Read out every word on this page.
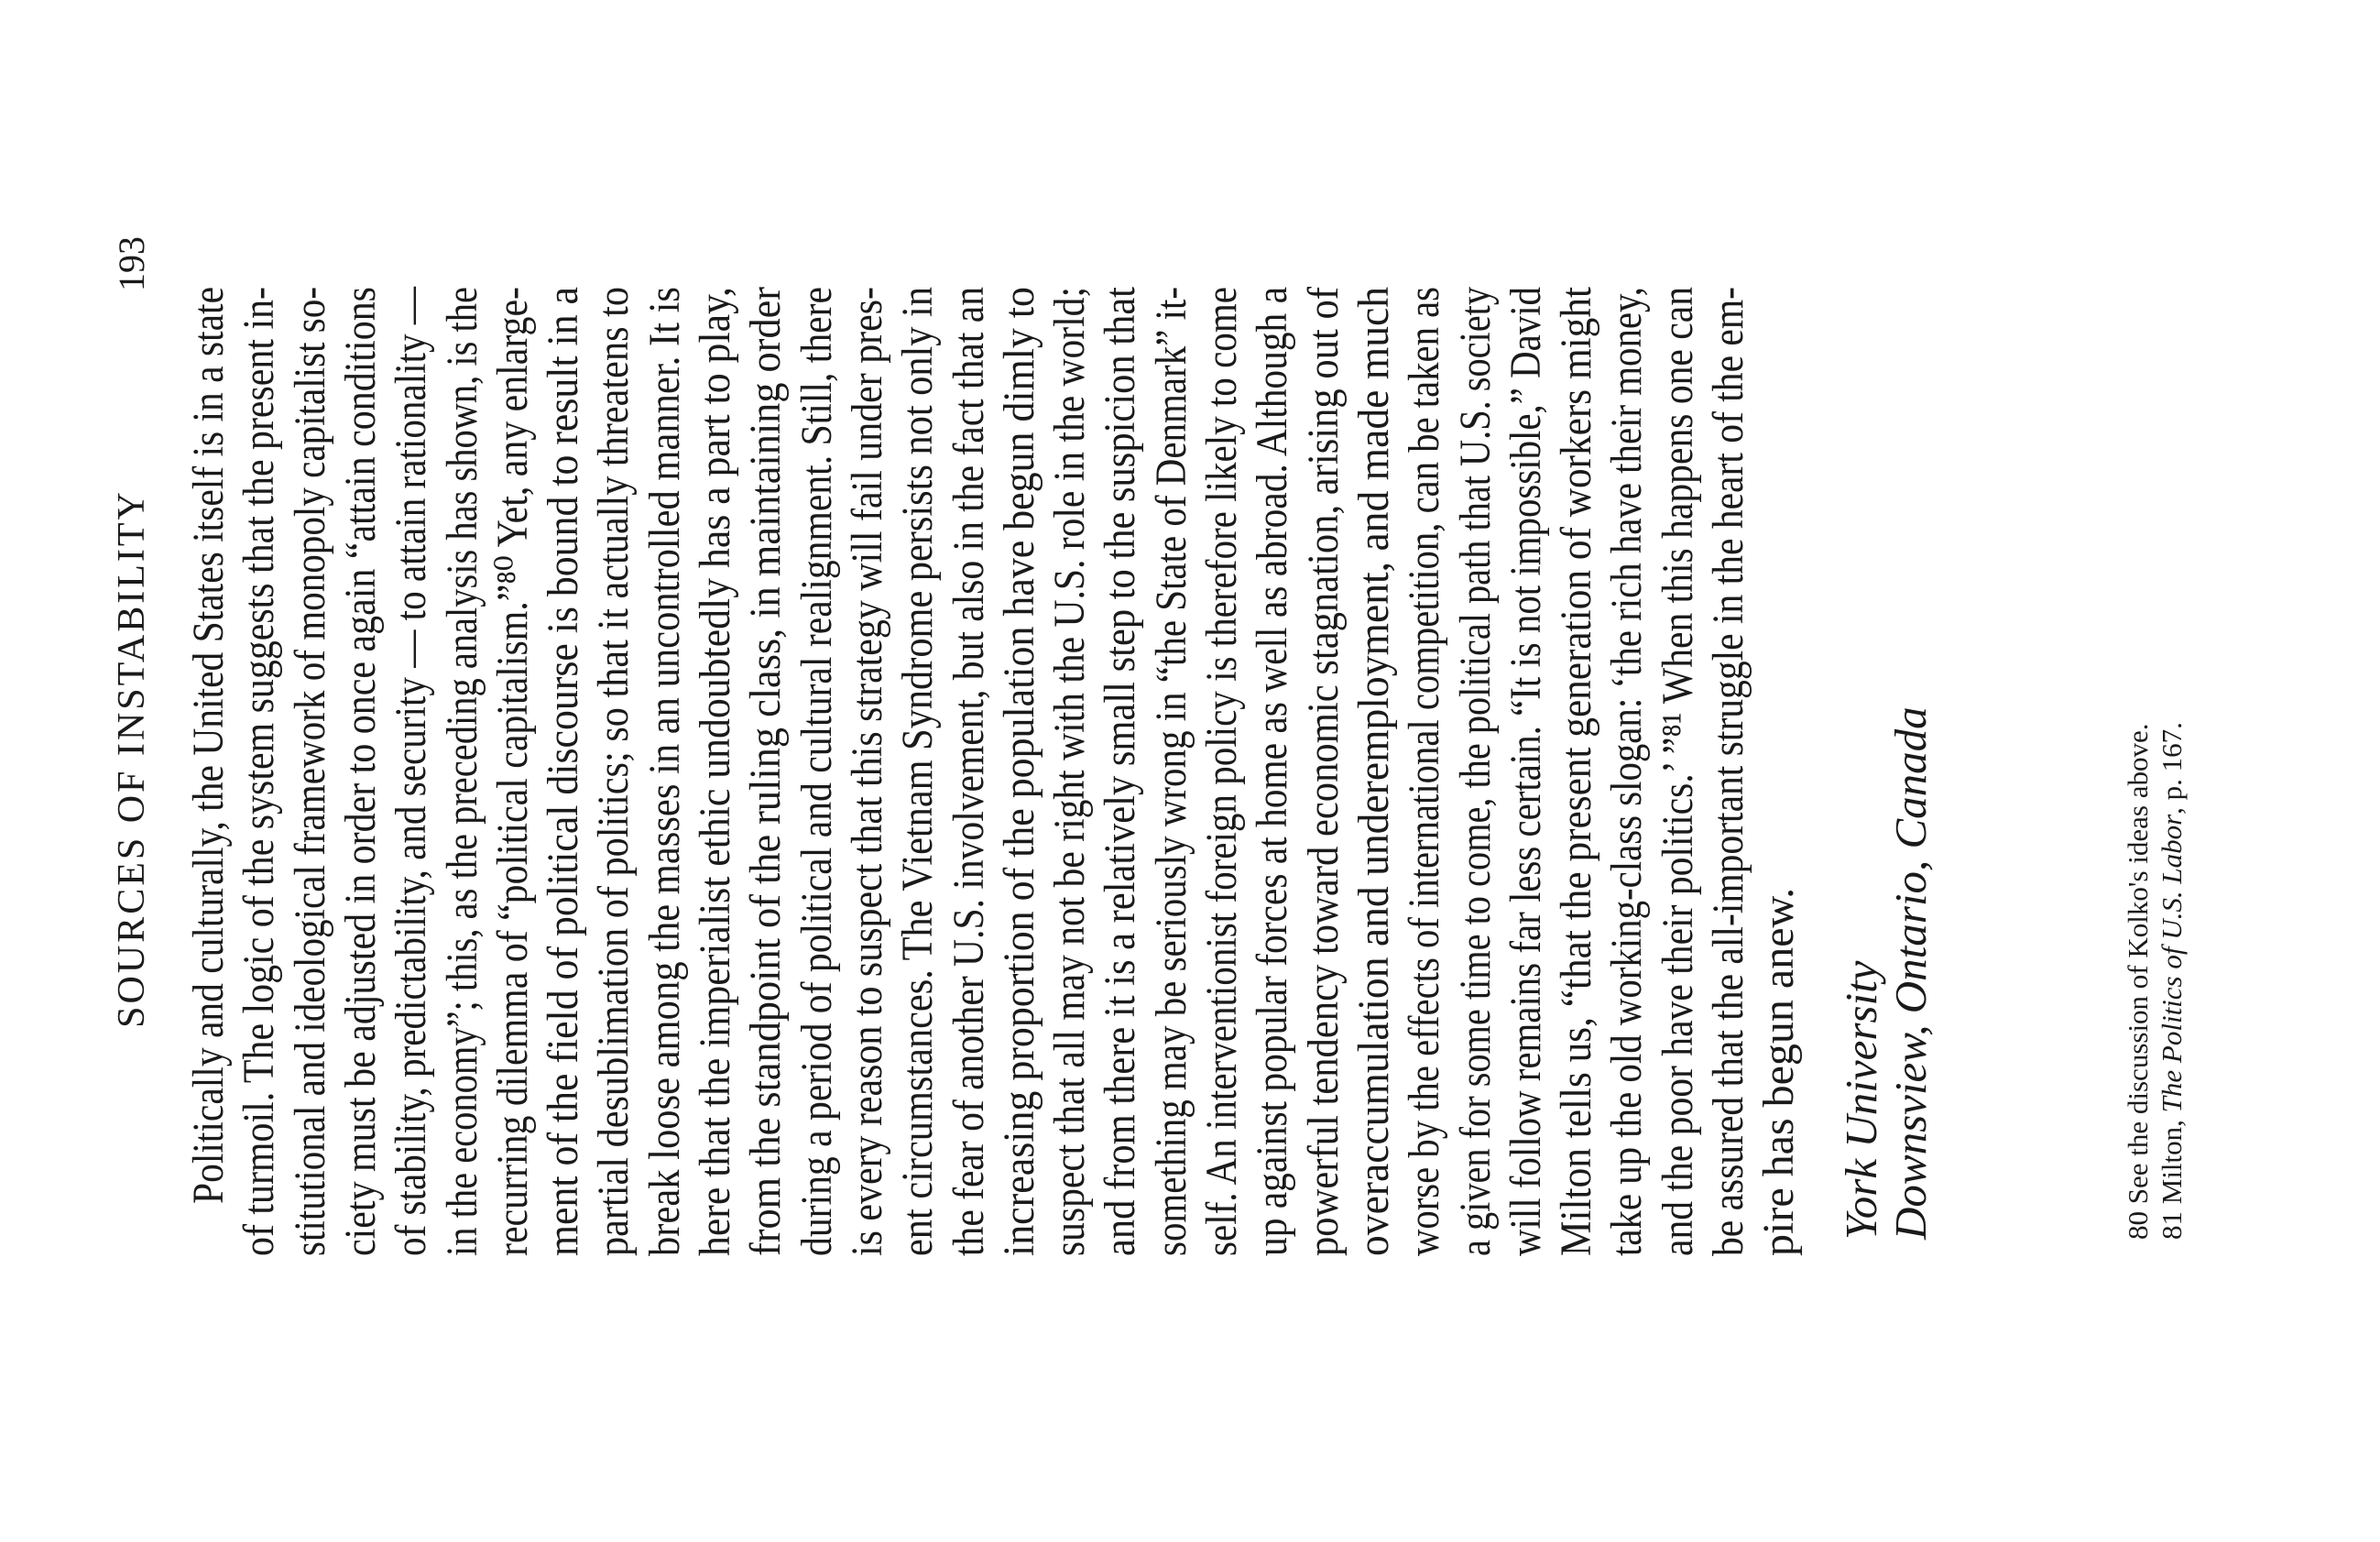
SOURCES OF INSTABILITY
193
Politically and culturally, the United States itself is in a state of turmoil. The logic of the system suggests that the present in- stitutional and ideological framework of monopoly capitalist so- ciety must be adjusted in order to once again “attain conditions of stability, predictability, and security — to attain rationality — in the economy”; this, as the preceding analysis has shown, is the recurring dilemma of “political capitalism.”⁸⁰ Yet, any enlarge- ment of the field of political discourse is bound to result in a partial desublimation of politics; so that it actually threatens to break loose among the masses in an uncontrolled manner. It is here that the imperialist ethic undoubtedly has a part to play, from the standpoint of the ruling class, in maintaining order during a period of political and cultural realignment. Still, there is every reason to suspect that this strategy will fail under pres- ent circumstances. The Vietnam Syndrome persists not only in the fear of another U.S. involvement, but also in the fact that an increasing proportion of the population have begun dimly to suspect that all may not be right with the U.S. role in the world; and from there it is a relatively small step to the suspicion that something may be seriously wrong in “the State of Denmark” it- self. An interventionist foreign policy is therefore likely to come up against popular forces at home as well as abroad. Although a powerful tendency toward economic stagnation, arising out of overaccumulation and underemployment, and made much worse by the effects of international competition, can be taken as a given for some time to come, the political path that U.S. society will follow remains far less certain. “It is not impossible,” David Milton tells us, “that the present generation of workers might take up the old working-class slogan: ‘the rich have their money, and the poor have their politics.’ ”⁸¹ When this happens one can be assured that the all-important struggle in the heart of the em- pire has begun anew. York University Downsview, Ontario, Canada	80 See the discussion of Kolko's ideas above.
81 Milton, The Politics of U.S. Labor, p. 167.
